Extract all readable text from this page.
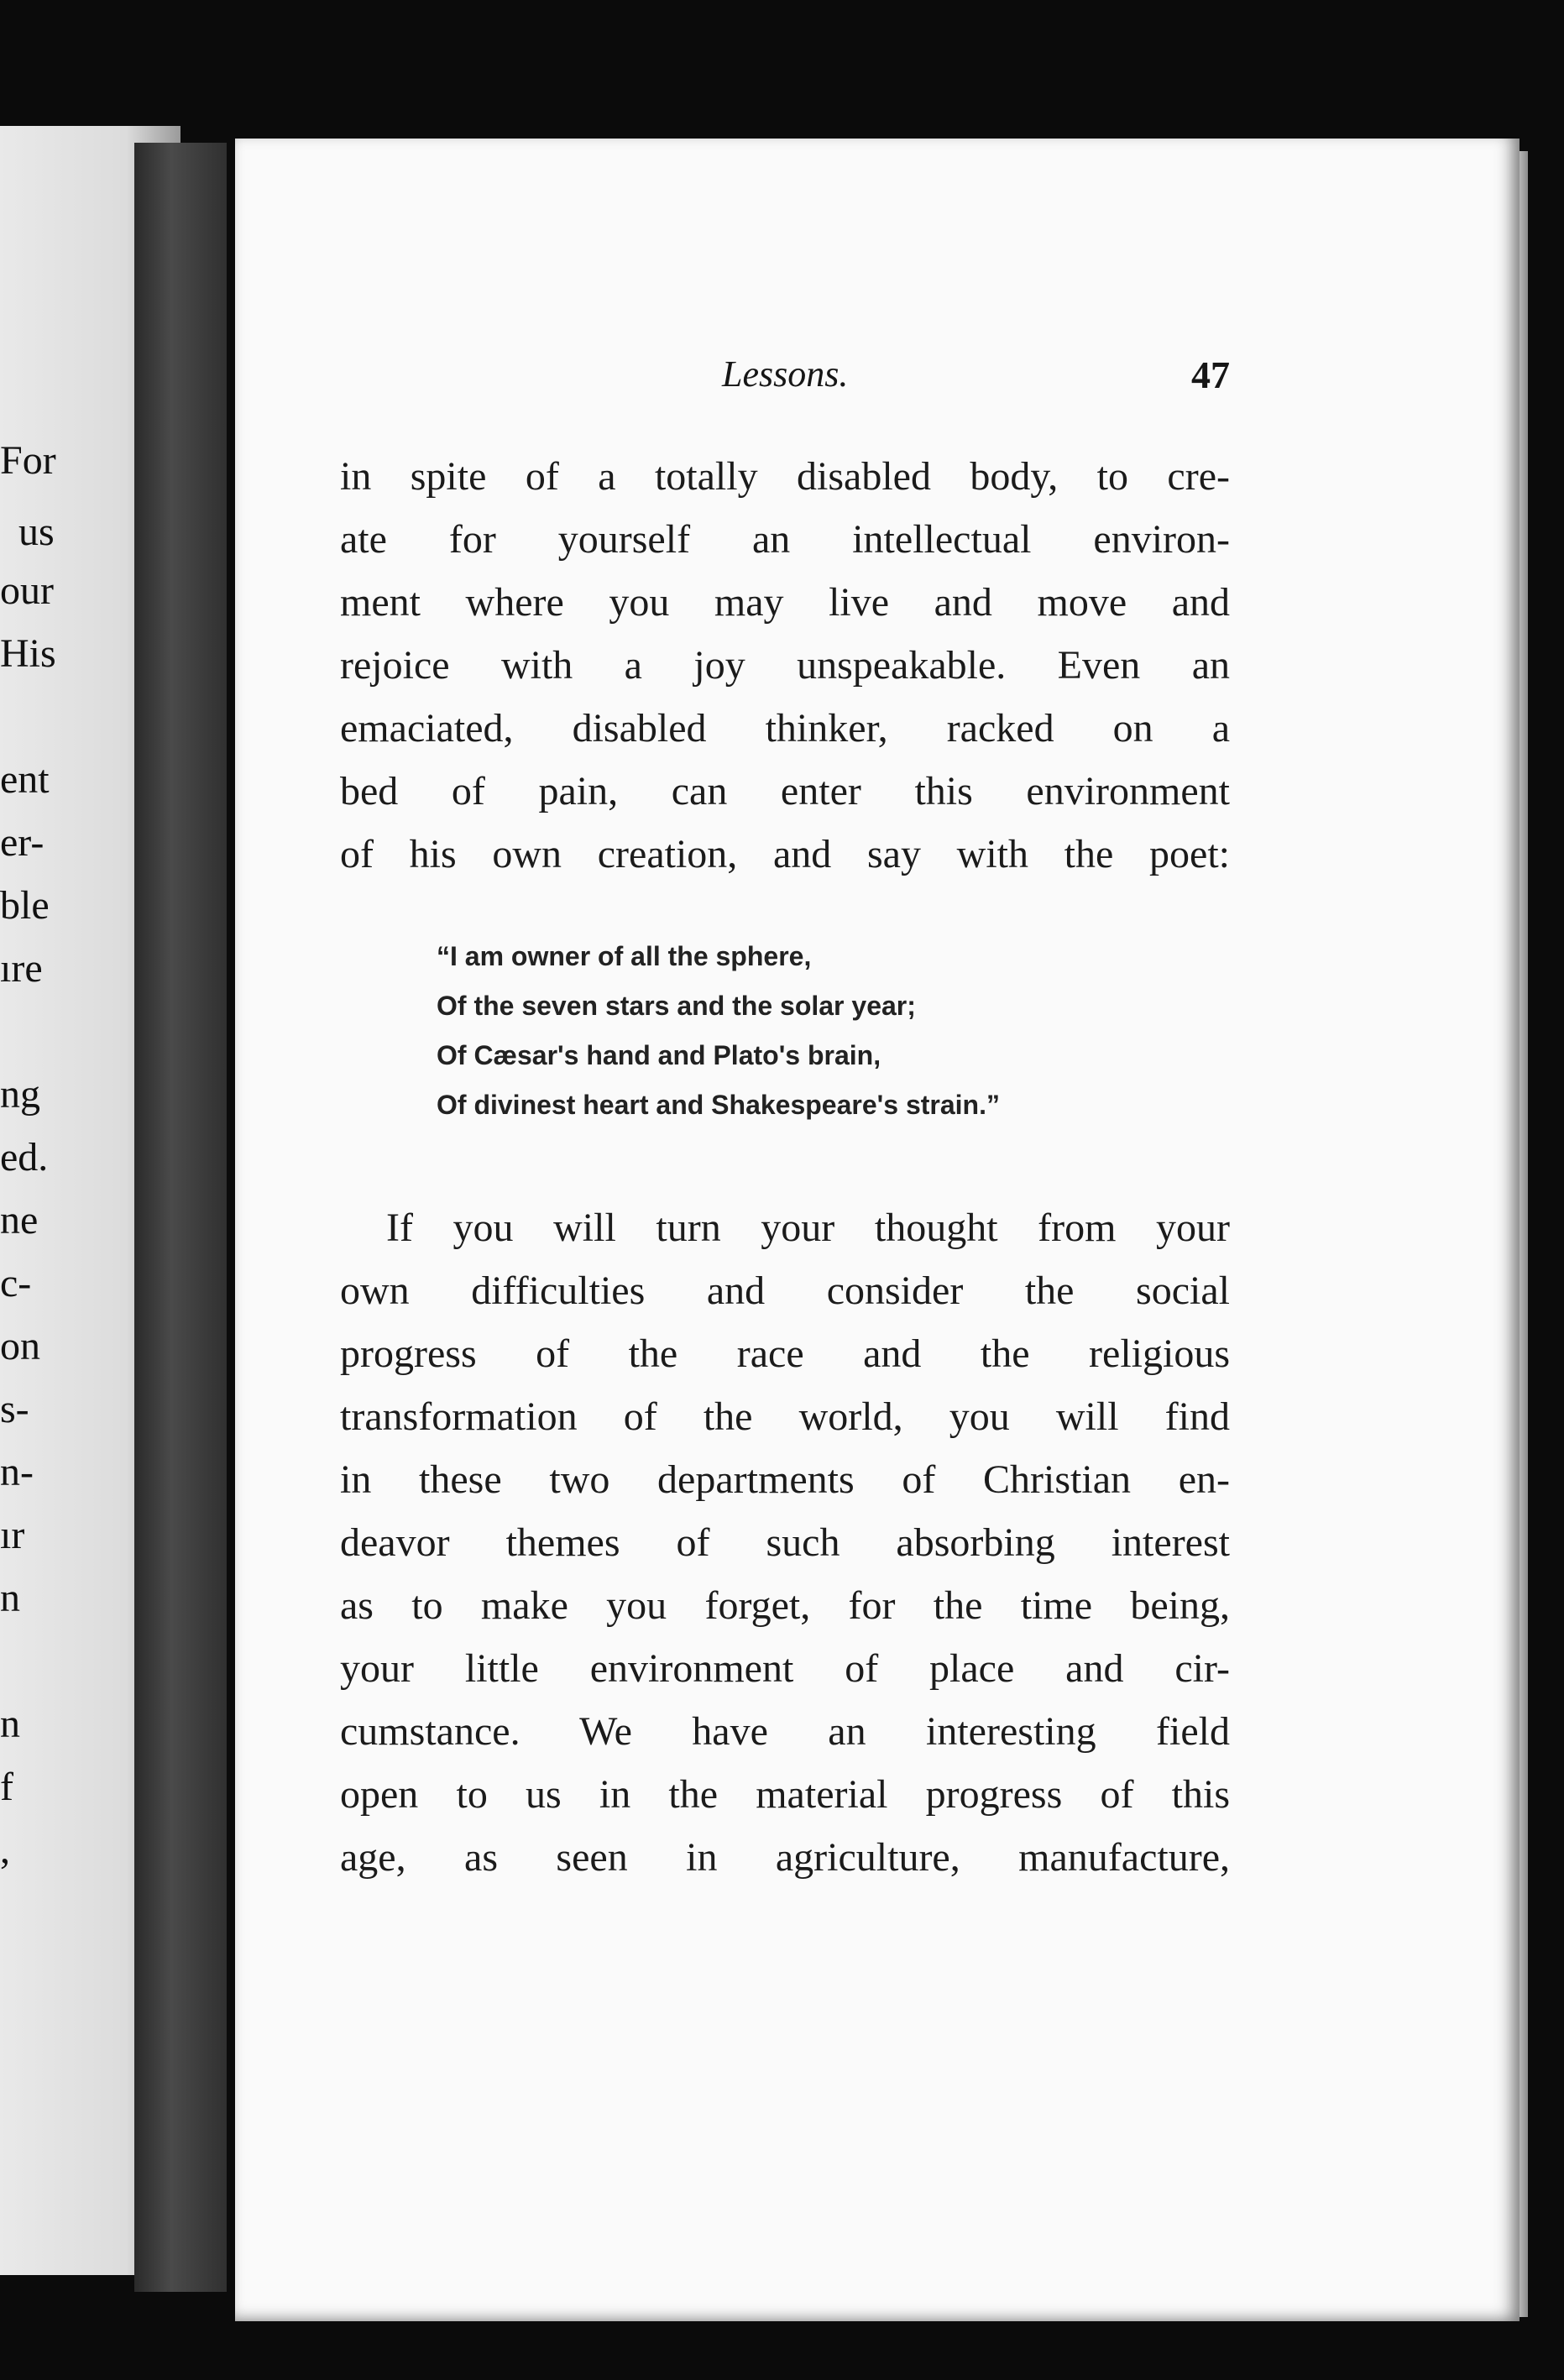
For
us
our
His
ent
er-
ble
ıre
ng
ed.
ne
c-
on
s-
n-
ır
n
n
f
,
Lessons.	47
in spite of a totally disabled body, to cre-
ate for yourself an intellectual environ-
ment where you may live and move and
rejoice with a joy unspeakable. Even an
emaciated, disabled thinker, racked on a
bed of pain, can enter this environment
of his own creation, and say with the poet:
“I am owner of all the sphere,
Of the seven stars and the solar year;
Of Cæsar's hand and Plato's brain,
Of divinest heart and Shakespeare's strain.”
If you will turn your thought from your
own difficulties and consider the social
progress of the race and the religious
transformation of the world, you will find
in these two departments of Christian en-
deavor themes of such absorbing interest
as to make you forget, for the time being,
your little environment of place and cir-
cumstance. We have an interesting field
open to us in the material progress of this
age, as seen in agriculture, manufacture,
